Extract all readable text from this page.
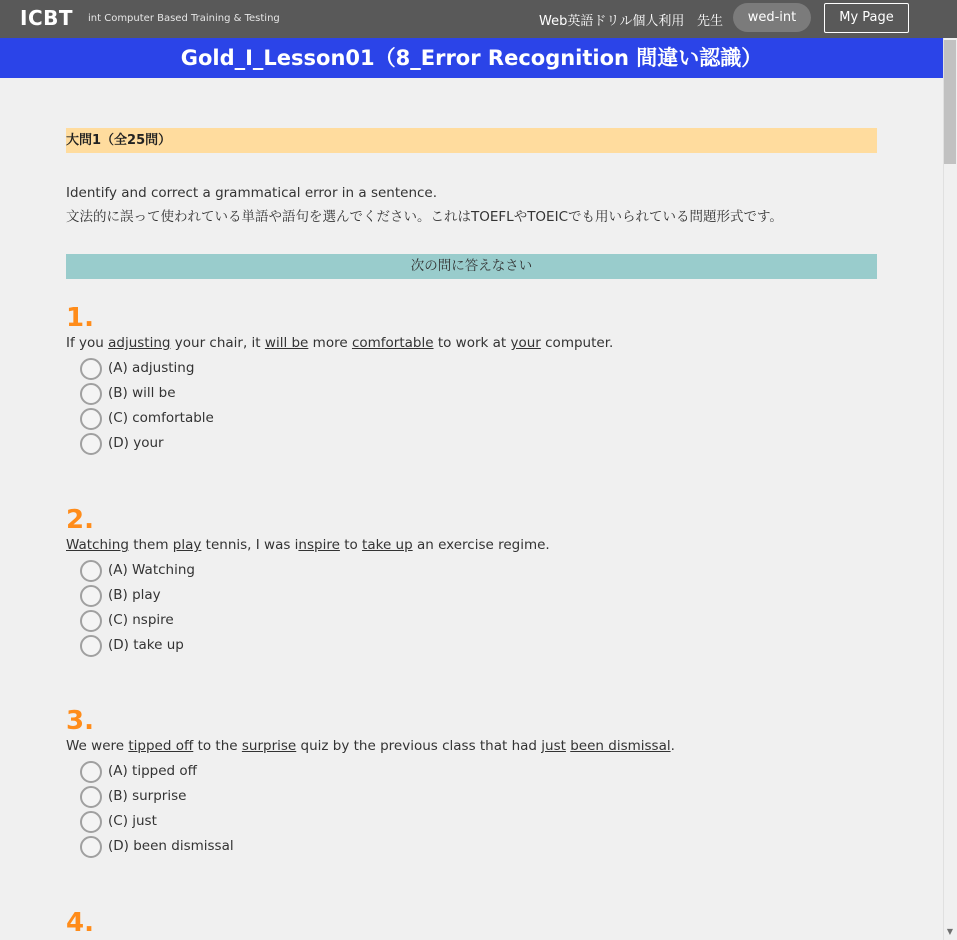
ICBT int Computer Based Training & Testing	Web英語ドリル個人利用 先生	wed-int	My Page
Gold_I_Lesson01（8_Error Recognition 間違い認識）
▼
大問1（全25問）
Identify and correct a grammatical error in a sentence.
文法的に誤って使われている単語や語句を選んでください。これはTOEFLやTOEICでも用いられている問題形式です。
次の問に答えなさい
1.
If you adjusting your chair, it will be more comfortable to work at your computer.
(A) adjusting
(B) will be
(C) comfortable
(D) your
2.
Watching them play tennis, I was inspire to take up an exercise regime.
(A) Watching
(B) play
(C) nspire
(D) take up
3.
We were tipped off to the surprise quiz by the previous class that had just been dismissal.
(A) tipped off
(B) surprise
(C) just
(D) been dismissal
4.
